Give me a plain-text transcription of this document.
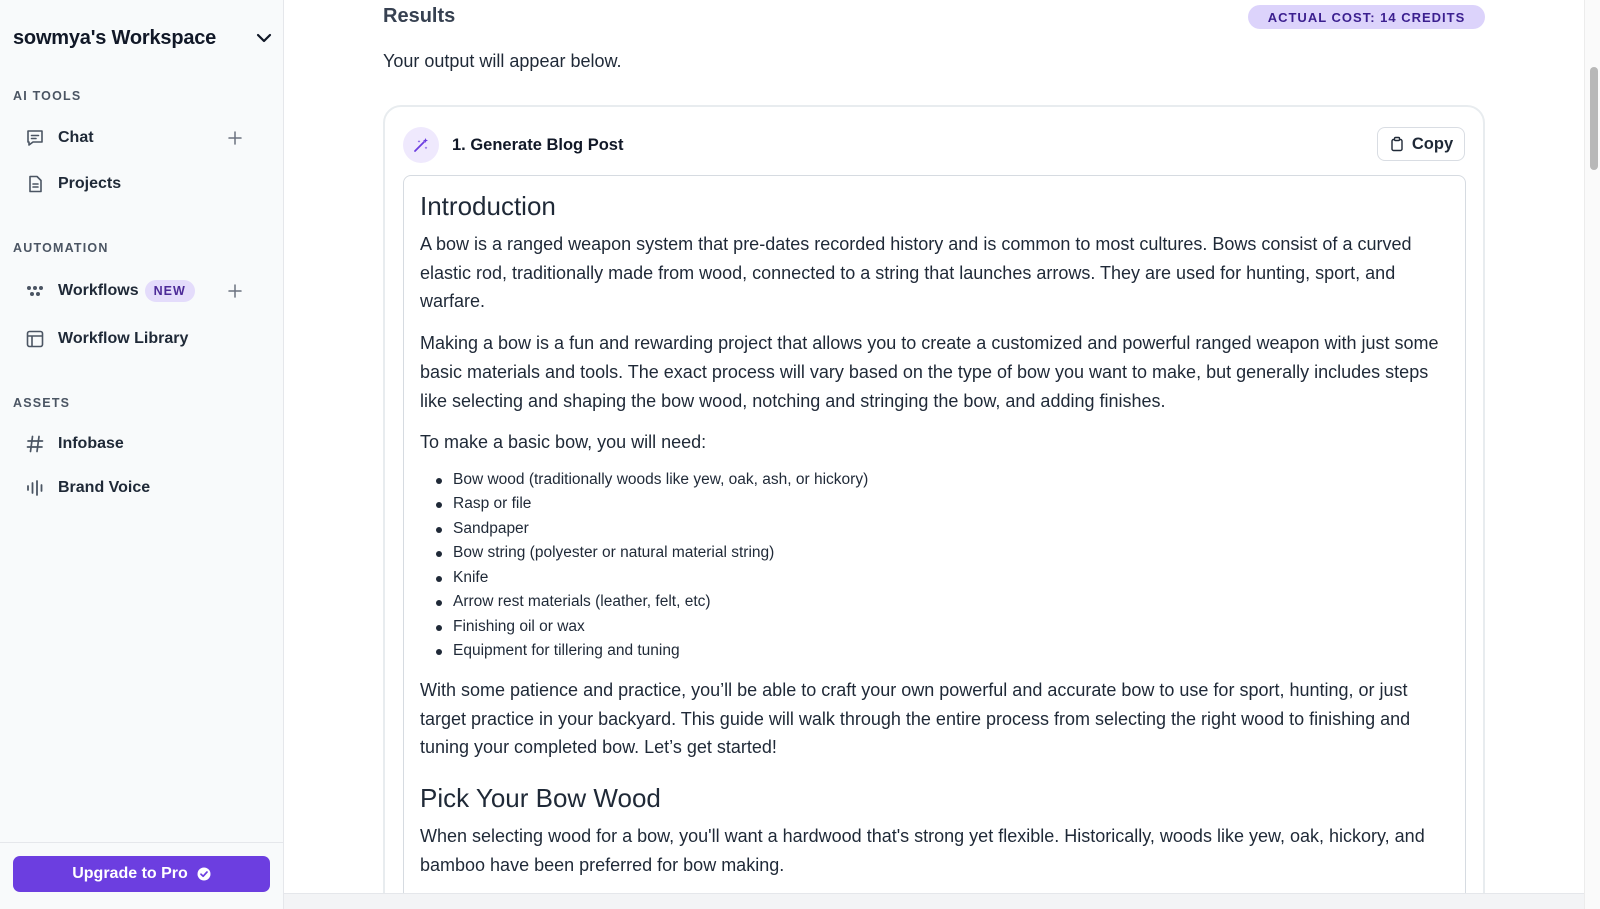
sowmya's Workspace
AI TOOLS
Chat
Projects
AUTOMATION
Workflows	NEW
Workflow Library
ASSETS
Infobase
Brand Voice
Upgrade to Pro
Results	ACTUAL COST: 14 CREDITS
Your output will appear below.
1. Generate Blog Post	Copy
Introduction

A bow is a ranged weapon system that pre-dates recorded history and is common to most cultures. Bows consist of a curved elastic rod, traditionally made from wood, connected to a string that launches arrows. They are used for hunting, sport, and warfare.

Making a bow is a fun and rewarding project that allows you to create a customized and powerful ranged weapon with just some basic materials and tools. The exact process will vary based on the type of bow you want to make, but generally includes steps like selecting and shaping the bow wood, notching and stringing the bow, and adding finishes.

To make a basic bow, you will need:

Bow wood (traditionally woods like yew, oak, ash, or hickory)
Rasp or file
Sandpaper
Bow string (polyester or natural material string)
Knife
Arrow rest materials (leather, felt, etc)
Finishing oil or wax
Equipment for tillering and tuning

With some patience and practice, you’ll be able to craft your own powerful and accurate bow to use for sport, hunting, or just target practice in your backyard. This guide will walk through the entire process from selecting the right wood to finishing and tuning your completed bow. Let’s get started!

Pick Your Bow Wood

When selecting wood for a bow, you'll want a hardwood that's strong yet flexible. Historically, woods like yew, oak, hickory, and bamboo have been preferred for bow making.
